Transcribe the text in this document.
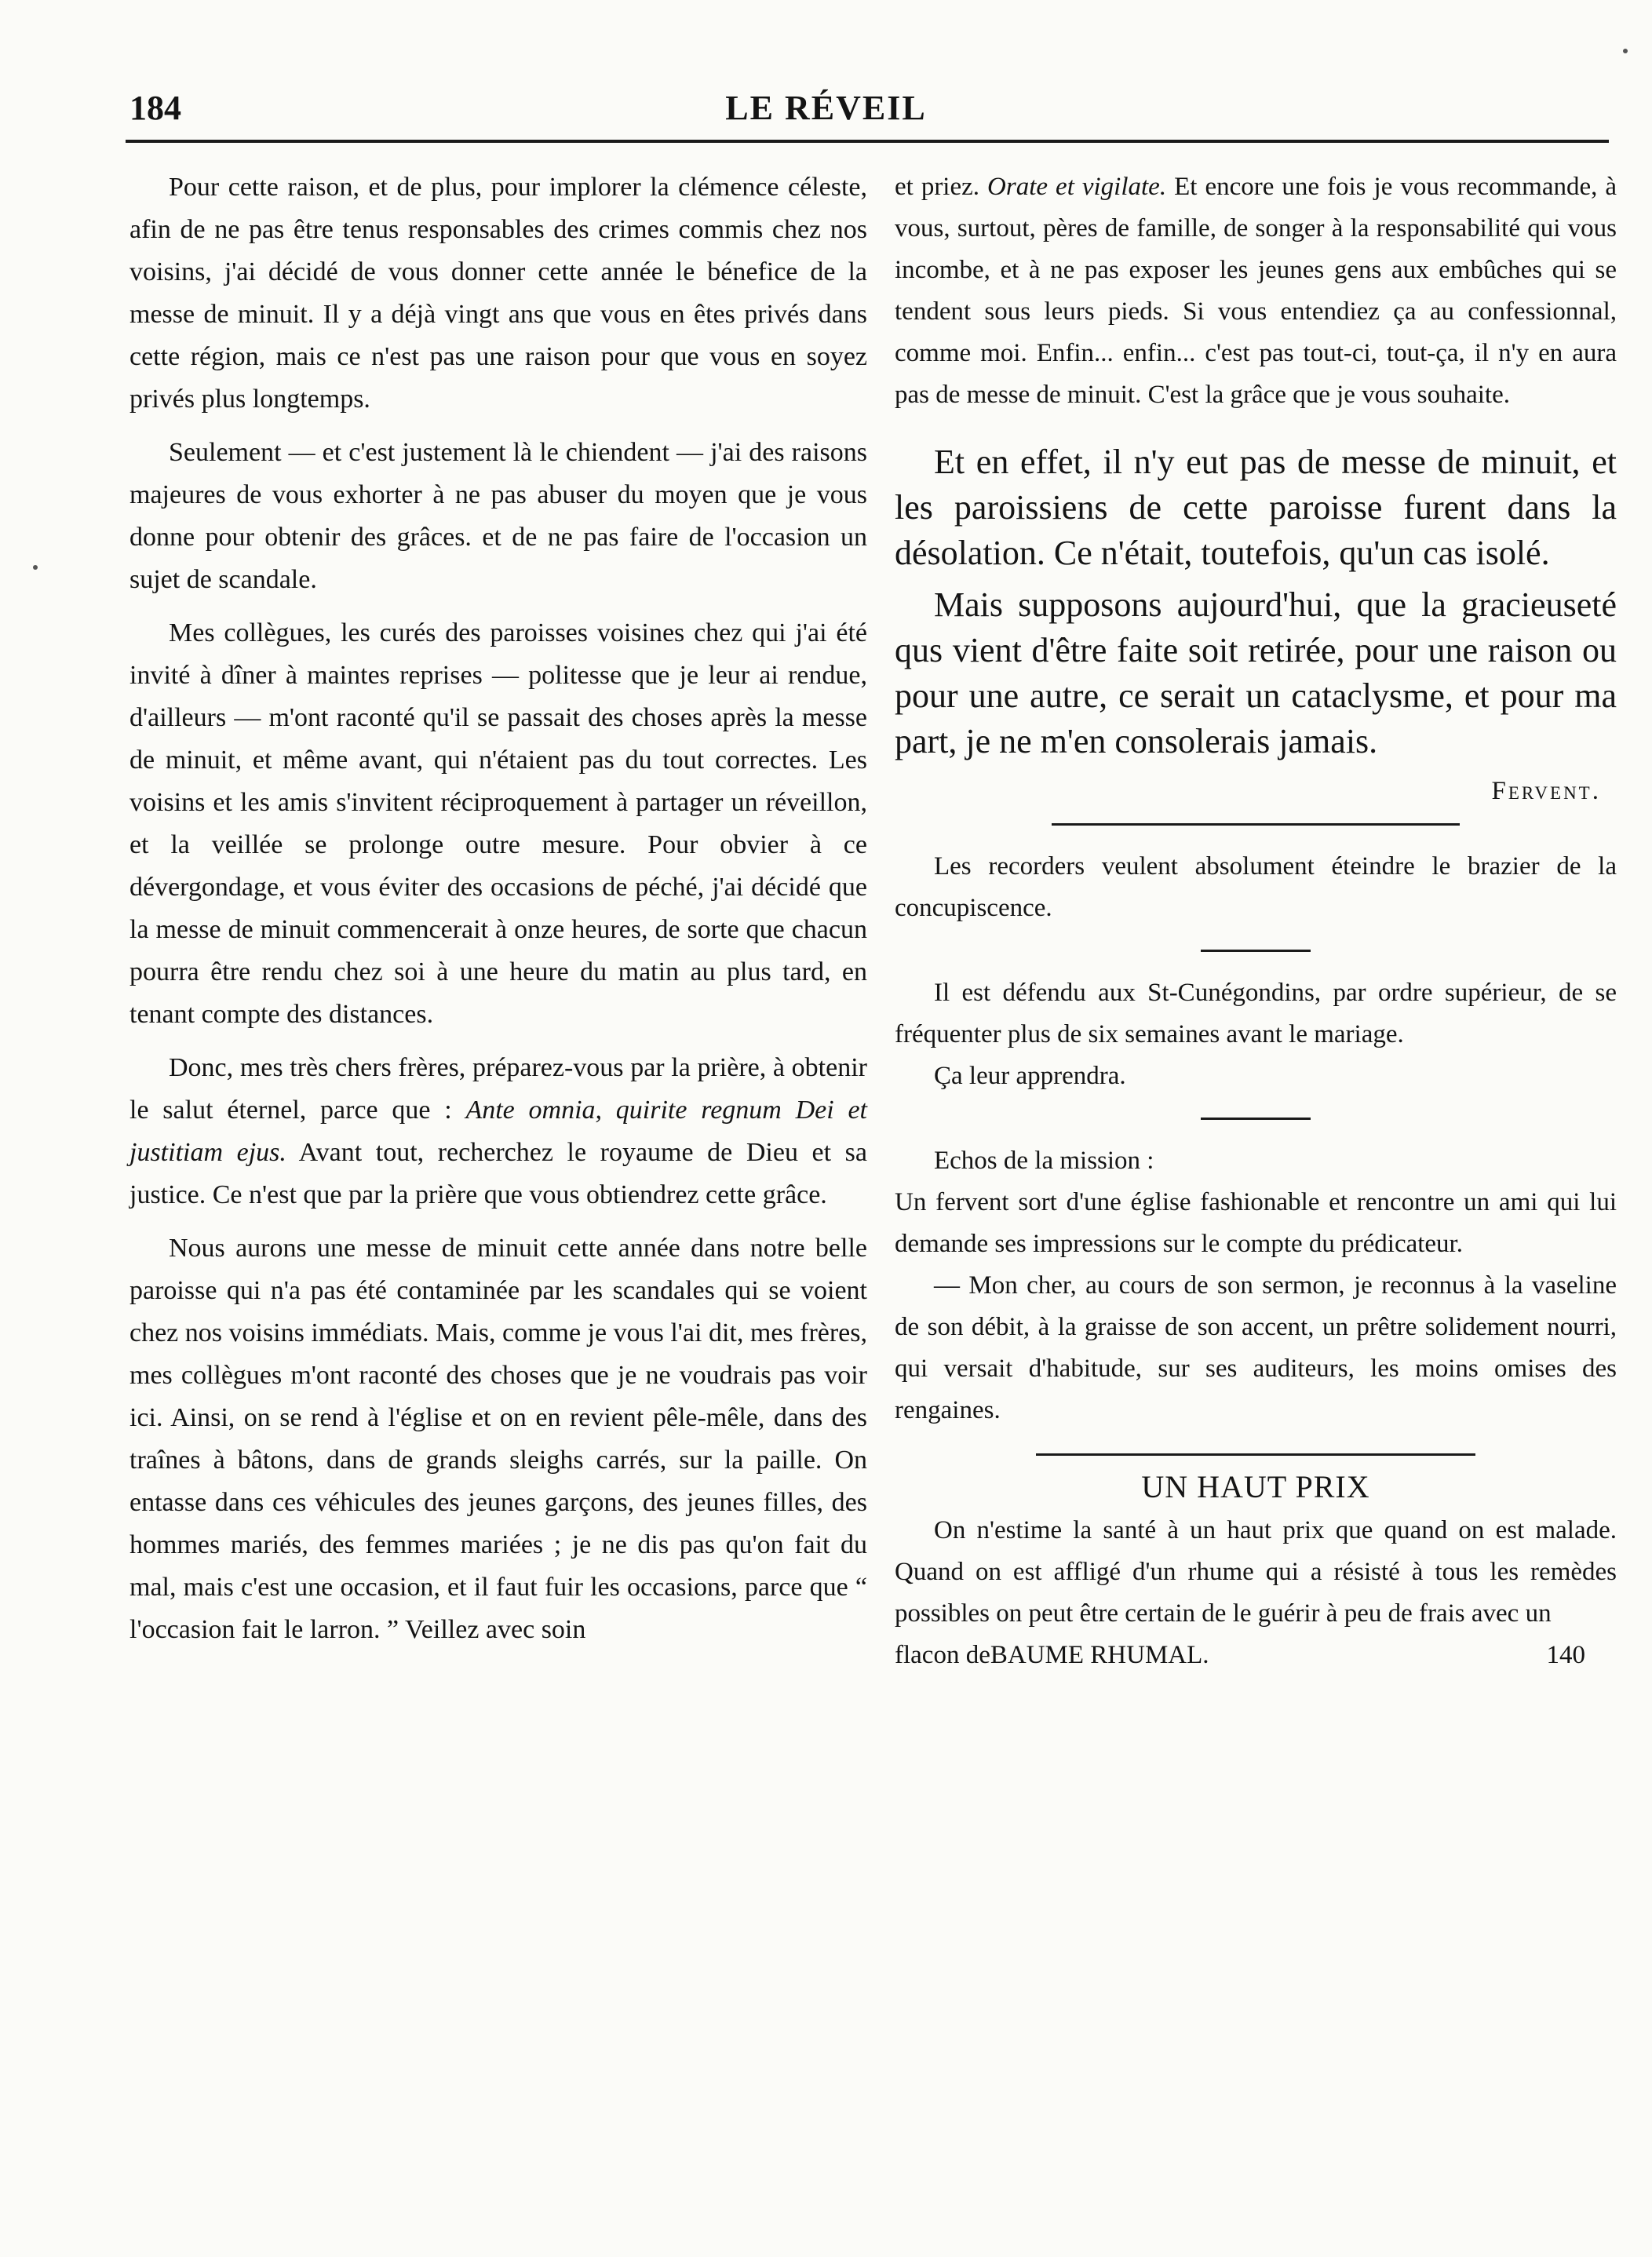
184	LE RÉVEIL

Pour cette raison, et de plus, pour implorer la clémence céleste, afin de ne pas être tenus responsables des crimes commis chez nos voisins, j'ai décidé de vous donner cette année le bénefice de la messe de minuit. Il y a déjà vingt ans que vous en êtes privés dans cette région, mais ce n'est pas une raison pour que vous en soyez privés plus longtemps.

Seulement — et c'est justement là le chiendent — j'ai des raisons majeures de vous exhorter à ne pas abuser du moyen que je vous donne pour obtenir des grâces. et de ne pas faire de l'occasion un sujet de scandale.

Mes collègues, les curés des paroisses voisines chez qui j'ai été invité à dîner à maintes reprises — politesse que je leur ai rendue, d'ailleurs — m'ont raconté qu'il se passait des choses après la messe de minuit, et même avant, qui n'étaient pas du tout correctes. Les voisins et les amis s'invitent réciproquement à partager un réveillon, et la veillée se prolonge outre mesure. Pour obvier à ce dévergondage, et vous éviter des occasions de péché, j'ai décidé que la messe de minuit commencerait à onze heures, de sorte que chacun pourra être rendu chez soi à une heure du matin au plus tard, en tenant compte des distances.

Donc, mes très chers frères, préparez-vous par la prière, à obtenir le salut éternel, parce que : Ante omnia, quirite regnum Dei et justitiam ejus. Avant tout, recherchez le royaume de Dieu et sa justice. Ce n'est que par la prière que vous obtiendrez cette grâce.

Nous aurons une messe de minuit cette année dans notre belle paroisse qui n'a pas été contaminée par les scandales qui se voient chez nos voisins immédiats. Mais, comme je vous l'ai dit, mes frères, mes collègues m'ont raconté des choses que je ne voudrais pas voir ici. Ainsi, on se rend à l'église et on en revient pêle-mêle, dans des traînes à bâtons, dans de grands sleighs carrés, sur la paille. On entasse dans ces véhicules des jeunes garçons, des jeunes filles, des hommes mariés, des femmes mariées ; je ne dis pas qu'on fait du mal, mais c'est une occasion, et il faut fuir les occasions, parce que “ l'occasion fait le larron. ” Veillez avec soin

et priez. Orate et vigilate. Et encore une fois je vous recommande, à vous, surtout, pères de famille, de songer à la responsabilité qui vous incombe, et à ne pas exposer les jeunes gens aux embûches qui se tendent sous leurs pieds. Si vous entendiez ça au confessionnal, comme moi. Enfin... enfin... c'est pas tout-ci, tout-ça, il n'y en aura pas de messe de minuit. C'est la grâce que je vous souhaite.

Et en effet, il n'y eut pas de messe de minuit, et les paroissiens de cette paroisse furent dans la désolation. Ce n'était, toutefois, qu'un cas isolé.

Mais supposons aujourd'hui, que la gracieuseté qus vient d'être faite soit retirée, pour une raison ou pour une autre, ce serait un cataclysme, et pour ma part, je ne m'en consolerais jamais.

Fervent.

Les recorders veulent absolument éteindre le brazier de la concupiscence.

Il est défendu aux St-Cunégondins, par ordre supérieur, de se fréquenter plus de six semaines avant le mariage.

Ça leur apprendra.

Echos de la mission :

Un fervent sort d'une église fashionable et rencontre un ami qui lui demande ses impressions sur le compte du prédicateur.

— Mon cher, au cours de son sermon, je reconnus à la vaseline de son débit, à la graisse de son accent, un prêtre solidement nourri, qui versait d'habitude, sur ses auditeurs, les moins omises des rengaines.

UN HAUT PRIX

On n'estime la santé à un haut prix que quand on est malade. Quand on est affligé d'un rhume qui a résisté à tous les remèdes possibles on peut être certain de le guérir à peu de frais avec un

flacon deBAUME RHUMAL.	140
